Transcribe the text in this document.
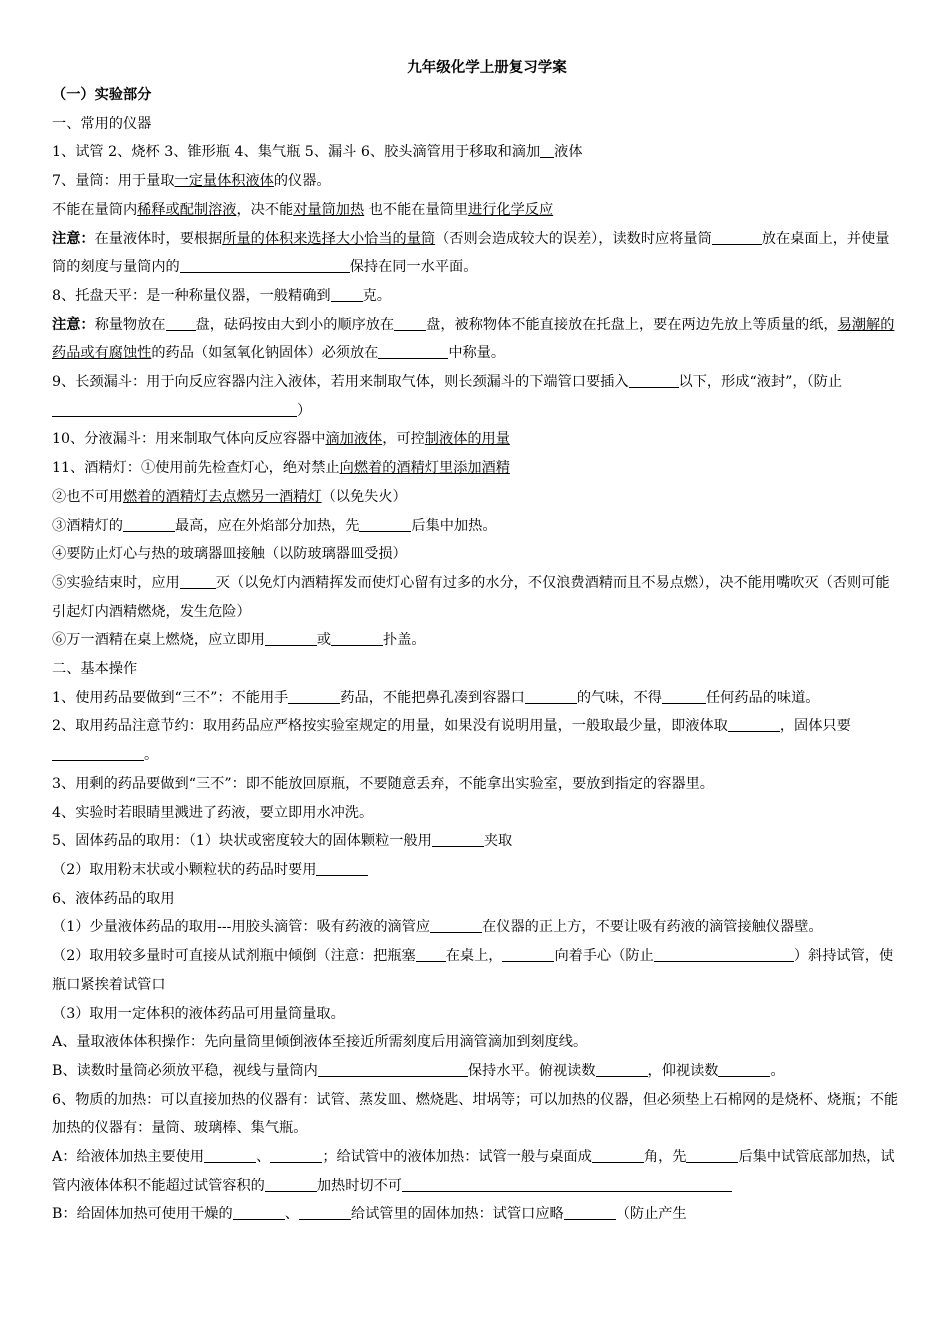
九年级化学上册复习学案

（一）实验部分

一、常用的仪器

1、试管 2、烧杯 3、锥形瓶 4、集气瓶 5、漏斗 6、胶头滴管用于移取和滴加 液体

7、量筒：用于量取一定量体积液体的仪器。

不能在量筒内稀释或配制溶液，决不能对量筒加热 也不能在量筒里进行化学反应

注意：在量液体时，要根据所量的体积来选择大小恰当的量筒（否则会造成较大的误差），读数时应将量筒	放在桌面上，并使量筒的刻度与量筒内的	保持在同一水平面。

8、托盘天平：是一种称量仪器，一般精确到 克。

注意：称量物放在 盘，砝码按由大到小的顺序放在 盘，被称物体不能直接放在托盘上，要在两边先放上等质量的纸，易潮解的药品或有腐蚀性的药品（如氢氧化钠固体）必须放在	中称量。

9、长颈漏斗：用于向反应容器内注入液体，若用来制取气体，则长颈漏斗的下端管口要插入	以下，形成“液封”，（防止）

10、分液漏斗：用来制取气体向反应容器中滴加液体，可控制液体的用量

11、酒精灯：①使用前先检查灯心，绝对禁止向燃着的酒精灯里添加酒精

②也不可用燃着的酒精灯去点燃另一酒精灯（以免失火）

③酒精灯的	最高，应在外焰部分加热，先	后集中加热。

④要防止灯心与热的玻璃器皿接触（以防玻璃器皿受损）

⑤实验结束时，应用	灭（以免灯内酒精挥发而使灯心留有过多的水分，不仅浪费酒精而且不易点燃），决不能用嘴吹灭（否则可能引起灯内酒精燃烧，发生危险）

⑥万一酒精在桌上燃烧，应立即用	或	扑盖。

二、基本操作

1、使用药品要做到“三不”：不能用手	药品，不能把鼻孔凑到容器口	的气味，不得	任何药品的味道。

2、取用药品注意节约：取用药品应严格按实验室规定的用量，如果没有说明用量，一般取最少量，即液体取	，固体只要。

3、用剩的药品要做到“三不”：即不能放回原瓶，不要随意丢弃，不能拿出实验室，要放到指定的容器里。

4、实验时若眼睛里溅进了药液，要立即用水冲洗。

5、固体药品的取用：（1）块状或密度较大的固体颗粒一般用	夹取

（2）取用粉末状或小颗粒状的药品时要用

6、液体药品的取用

（1）少量液体药品的取用---用胶头滴管：吸有药液的滴管应	在仪器的正上方，不要让吸有药液的滴管接触仪器壁。

（2）取用较多量时可直接从试剂瓶中倾倒（注意：把瓶塞 在桌上，	向着手心（防止	）斜持试管，使瓶口紧挨着试管口

（3）取用一定体积的液体药品可用量筒量取。

A、量取液体体积操作：先向量筒里倾倒液体至接近所需刻度后用滴管滴加到刻度线。

B、读数时量筒必须放平稳，视线与量筒内	保持水平。俯视读数	，仰视读数	。

6、物质的加热：可以直接加热的仪器有：试管、蒸发皿、燃烧匙、坩埚等；可以加热的仪器，但必须垫上石棉网的是烧杯、烧瓶；不能加热的仪器有：量筒、玻璃棒、集气瓶。

A：给液体加热主要使用	、	；给试管中的液体加热：试管一般与桌面成	角，先	后集中试管底部加热，试管内液体体积不能超过试管容积的	加热时切不可

B：给固体加热可使用干燥的	、	给试管里的固体加热：试管口应略	（防止产生
